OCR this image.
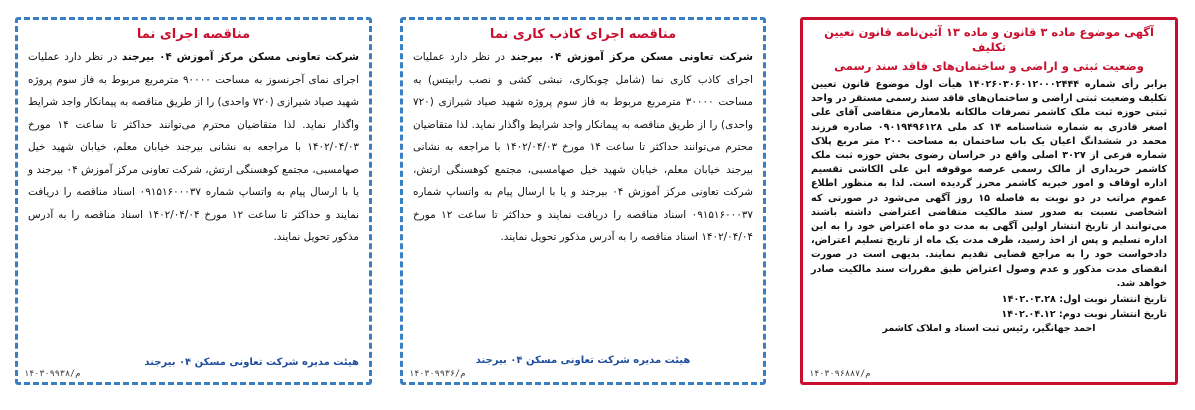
آگهی موضوع ماده ۳ قانون و ماده ۱۳ آئین‌نامه قانون تعیین تکلیف

وضعیت ثبتی و اراضی و ساختمان‌های فاقد سند رسمی

برابر رأی شماره ۱۴۰۲۶۰۳۰۶۰۱۲۰۰۰۲۴۴۴ هیأت اول موضوع قانون تعیین تکلیف وضعیت ثبتی اراضی و ساختمان‌های فاقد سند رسمی مستقر در واحد ثبتی حوزه ثبت ملک کاشمر تصرفات مالکانه بلامعارض متقاضی آقای علی اصغر قادری به شماره شناسنامه ۱۴ کد ملی ۰۹۰۱۹۴۹۶۱۲۸ صادره فرزند محمد در ششدانگ اعیان یک باب ساختمان به مساحت ۲۰۰ متر مربع پلاک شماره فرعی از ۳۰۲۷ اصلی واقع در خراسان رضوی بخش حوزه ثبت ملک کاشمر خریداری از مالک رسمی عرصه موقوفه ابن علی الکاشی تقسیم اداره اوقاف و امور خیریه کاشمر محرز گردیده است. لذا به منظور اطلاع عموم مراتب در دو نوبت به فاصله ۱۵ روز آگهی می‌شود در صورتی که اشخاصی نسبت به صدور سند مالکیت متقاضی اعتراضی داشته باشند می‌توانند از تاریخ انتشار اولین آگهی به مدت دو ماه اعتراض خود را به این اداره تسلیم و پس از اخذ رسید، ظرف مدت یک ماه از تاریخ تسلیم اعتراض، دادخواست خود را به مراجع قضایی تقدیم نمایند. بدیهی است در صورت انقضای مدت مذکور و عدم وصول اعتراض طبق مقررات سند مالکیت صادر خواهد شد.
تاریخ انتشار نوبت اول: ۱۴۰۲.۰۳.۲۸
تاریخ انتشار نوبت دوم: ۱۴۰۲.۰۴.۱۲
احمد جهانگیر، رئیس ثبت اسناد و املاک کاشمر
۱۴۰۳۰۹۶۸۸۷/م

مناقصه اجرای کاذب کاری نما

شرکت تعاونی مسکن مرکز آموزش ۰۴ بیرجند در نظر دارد عملیات اجرای کاذب کاری نما (شامل چوبکاری، نبشی کشی و نصب رابیتس) به مساحت ۳۰۰۰۰ مترمربع مربوط به فاز سوم پروژه شهید صیاد شیرازی (۷۲۰ واحدی) را از طریق مناقصه به پیمانکار واجد شرایط واگذار نماید. لذا متقاضیان محترم می‌توانند حداکثر تا ساعت ۱۴ مورخ ۱۴۰۲/۰۴/۰۳ با مراجعه به نشانی بیرجند خیابان معلم، خیابان شهید خیل صهامسبی، مجتمع کوهسنگی ارتش، شرکت تعاونی مرکز آموزش ۰۴ بیرجند و یا با ارسال پیام به واتساپ شماره ۰۹۱۵۱۶۰۰۰۳۷ اسناد مناقصه را دریافت نمایند و حداکثر تا ساعت ۱۲ مورخ ۱۴۰۲/۰۴/۰۴ اسناد مناقصه را به آدرس مذکور تحویل نمایند.
هیئت مدیره شرکت تعاونی مسکن ۰۴ بیرجند
۱۴۰۳۰۹۹۳۶/م

مناقصه اجرای نما

شرکت تعاونی مسکن مرکز آموزش ۰۴ بیرجند در نظر دارد عملیات اجرای نمای آجرنسوز به مساحت ۹۰۰۰۰ مترمربع مربوط به فاز سوم پروژه شهید صیاد شیرازی (۷۲۰ واحدی) را از طریق مناقصه به پیمانکار واجد شرایط واگذار نماید. لذا متقاضیان محترم می‌توانند حداکثر تا ساعت ۱۴ مورخ ۱۴۰۲/۰۴/۰۳ با مراجعه به نشانی بیرجند خیابان معلم، خیابان شهید خیل صهامسبی، مجتمع کوهسنگی ارتش، شرکت تعاونی مرکز آموزش ۰۴ بیرجند و یا با ارسال پیام به واتساپ شماره ۰۹۱۵۱۶۰۰۰۳۷ اسناد مناقصه را دریافت نمایند و حداکثر تا ساعت ۱۲ مورخ ۱۴۰۲/۰۴/۰۴ اسناد مناقصه را به آدرس مذکور تحویل نمایند.
هیئت مدیره شرکت تعاونی مسکن ۰۴ بیرجند
۱۴۰۳۰۹۹۳۸/م
